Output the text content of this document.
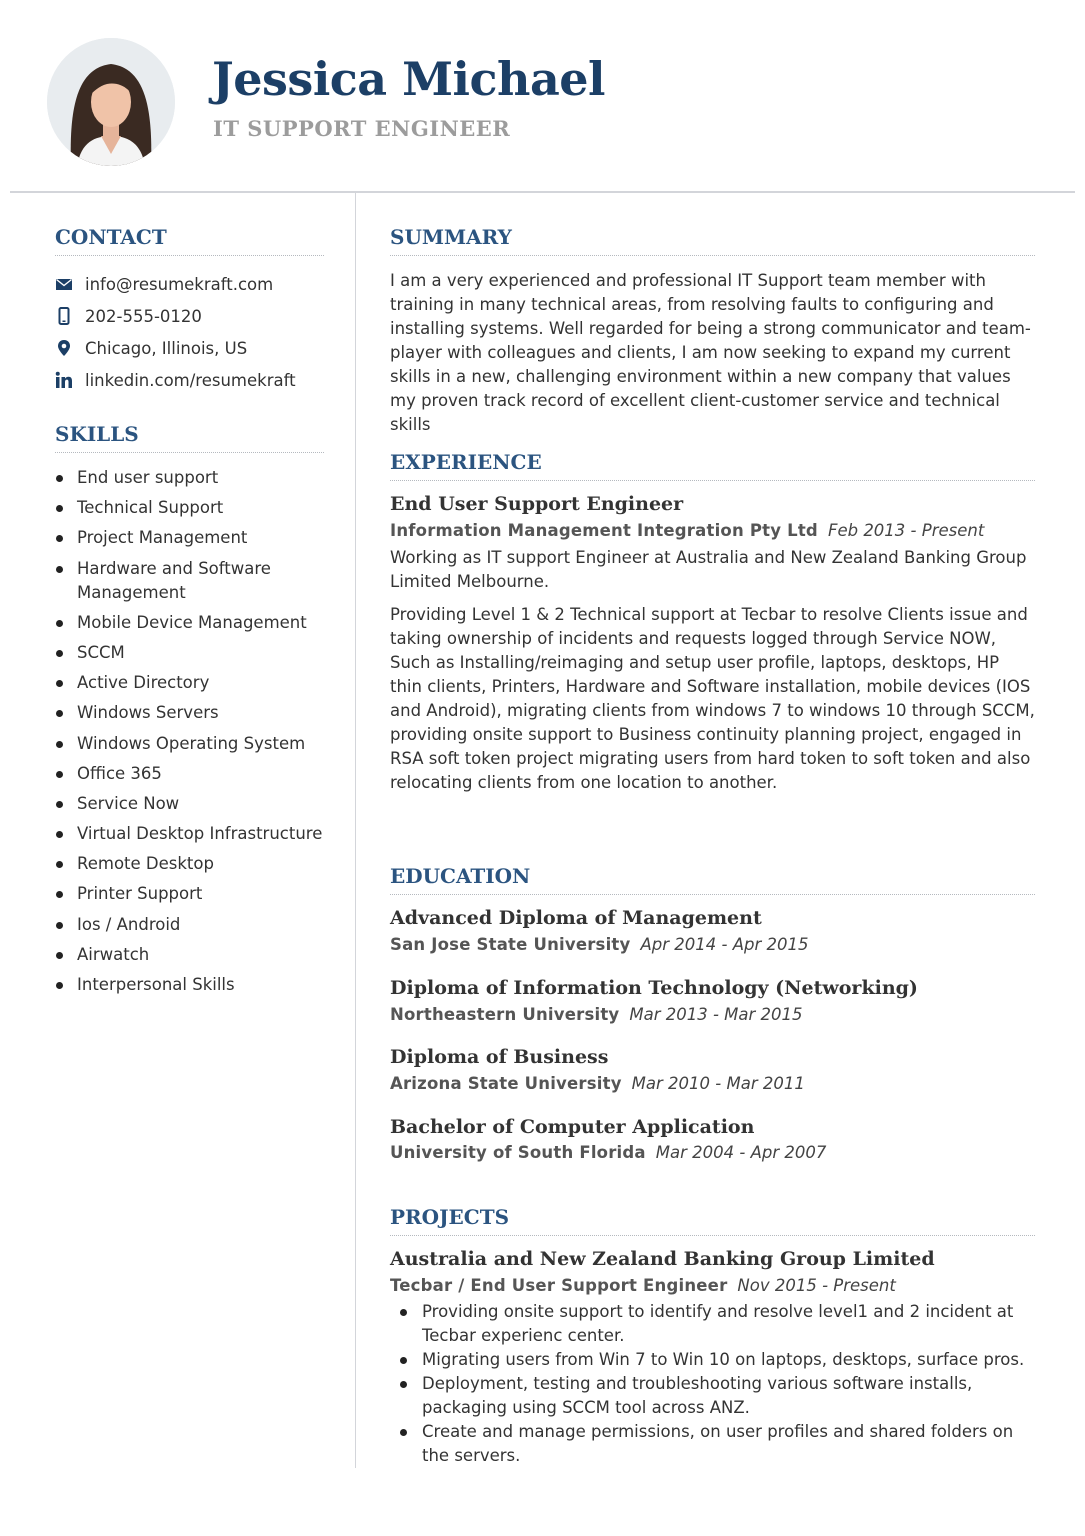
Jessica Michael
IT SUPPORT ENGINEER
CONTACT
info@resumekraft.com
202-555-0120
Chicago, Illinois, US
linkedin.com/resumekraft
SKILLS
End user support
Technical Support
Project Management
Hardware and Software Management
Mobile Device Management
SCCM
Active Directory
Windows Servers
Windows Operating System
Office 365
Service Now
Virtual Desktop Infrastructure
Remote Desktop
Printer Support
Ios / Android
Airwatch
Interpersonal Skills
SUMMARY
I am a very experienced and professional IT Support team member with training in many technical areas, from resolving faults to configuring and installing systems. Well regarded for being a strong communicator and team-player with colleagues and clients, I am now seeking to expand my current skills in a new, challenging environment within a new company that values my proven track record of excellent client-customer service and technical skills
EXPERIENCE
End User Support Engineer
Information Management Integration Pty Ltd Feb 2013 - Present
Working as IT support Engineer at Australia and New Zealand Banking Group Limited Melbourne.
Providing Level 1 & 2 Technical support at Tecbar to resolve Clients issue and taking ownership of incidents and requests logged through Service NOW, Such as Installing/reimaging and setup user profile, laptops, desktops, HP thin clients, Printers, Hardware and Software installation, mobile devices (IOS and Android), migrating clients from windows 7 to windows 10 through SCCM, providing onsite support to Business continuity planning project, engaged in RSA soft token project migrating users from hard token to soft token and also relocating clients from one location to another.
EDUCATION
Advanced Diploma of Management
San Jose State University Apr 2014 - Apr 2015
Diploma of Information Technology (Networking)
Northeastern University Mar 2013 - Mar 2015
Diploma of Business
Arizona State University Mar 2010 - Mar 2011
Bachelor of Computer Application
University of South Florida Mar 2004 - Apr 2007
PROJECTS
Australia and New Zealand Banking Group Limited
Tecbar / End User Support Engineer Nov 2015 - Present
Providing onsite support to identify and resolve level1 and 2 incident at Tecbar experienc center.
Migrating users from Win 7 to Win 10 on laptops, desktops, surface pros.
Deployment, testing and troubleshooting various software installs, packaging using SCCM tool across ANZ.
Create and manage permissions, on user profiles and shared folders on the servers.
